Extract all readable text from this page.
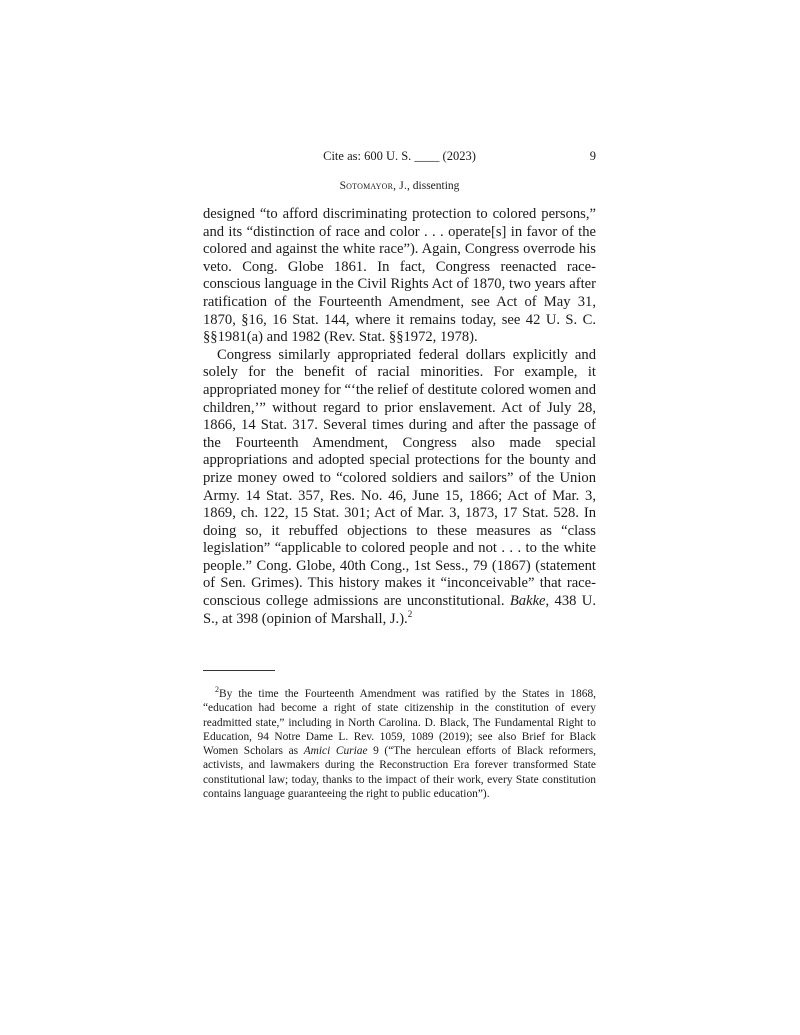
Cite as: 600 U. S. ____ (2023)	9
Sotomayor, J., dissenting

designed “to afford discriminating protection to colored persons,” and its “distinction of race and color . . . operate[s] in favor of the colored and against the white race”). Again, Congress overrode his veto. Cong. Globe 1861. In fact, Congress reenacted race-conscious language in the Civil Rights Act of 1870, two years after ratification of the Fourteenth Amendment, see Act of May 31, 1870, §16, 16 Stat. 144, where it remains today, see 42 U. S. C. §§1981(a) and 1982 (Rev. Stat. §§1972, 1978).

Congress similarly appropriated federal dollars explicitly and solely for the benefit of racial minorities. For example, it appropriated money for “‘the relief of destitute colored women and children,’” without regard to prior enslavement. Act of July 28, 1866, 14 Stat. 317. Several times during and after the passage of the Fourteenth Amendment, Congress also made special appropriations and adopted special protections for the bounty and prize money owed to “colored soldiers and sailors” of the Union Army. 14 Stat. 357, Res. No. 46, June 15, 1866; Act of Mar. 3, 1869, ch. 122, 15 Stat. 301; Act of Mar. 3, 1873, 17 Stat. 528. In doing so, it rebuffed objections to these measures as “class legislation” “applicable to colored people and not . . . to the white people.” Cong. Globe, 40th Cong., 1st Sess., 79 (1867) (statement of Sen. Grimes). This history makes it “inconceivable” that race-conscious college admissions are unconstitutional. Bakke, 438 U. S., at 398 (opinion of Marshall, J.).$^2$

$^2$By the time the Fourteenth Amendment was ratified by the States in 1868, “education had become a right of state citizenship in the constitution of every readmitted state,” including in North Carolina. D. Black, The Fundamental Right to Education, 94 Notre Dame L. Rev. 1059, 1089 (2019); see also Brief for Black Women Scholars as Amici Curiae 9 (“The herculean efforts of Black reformers, activists, and lawmakers during the Reconstruction Era forever transformed State constitutional law; today, thanks to the impact of their work, every State constitution contains language guaranteeing the right to public education”).
